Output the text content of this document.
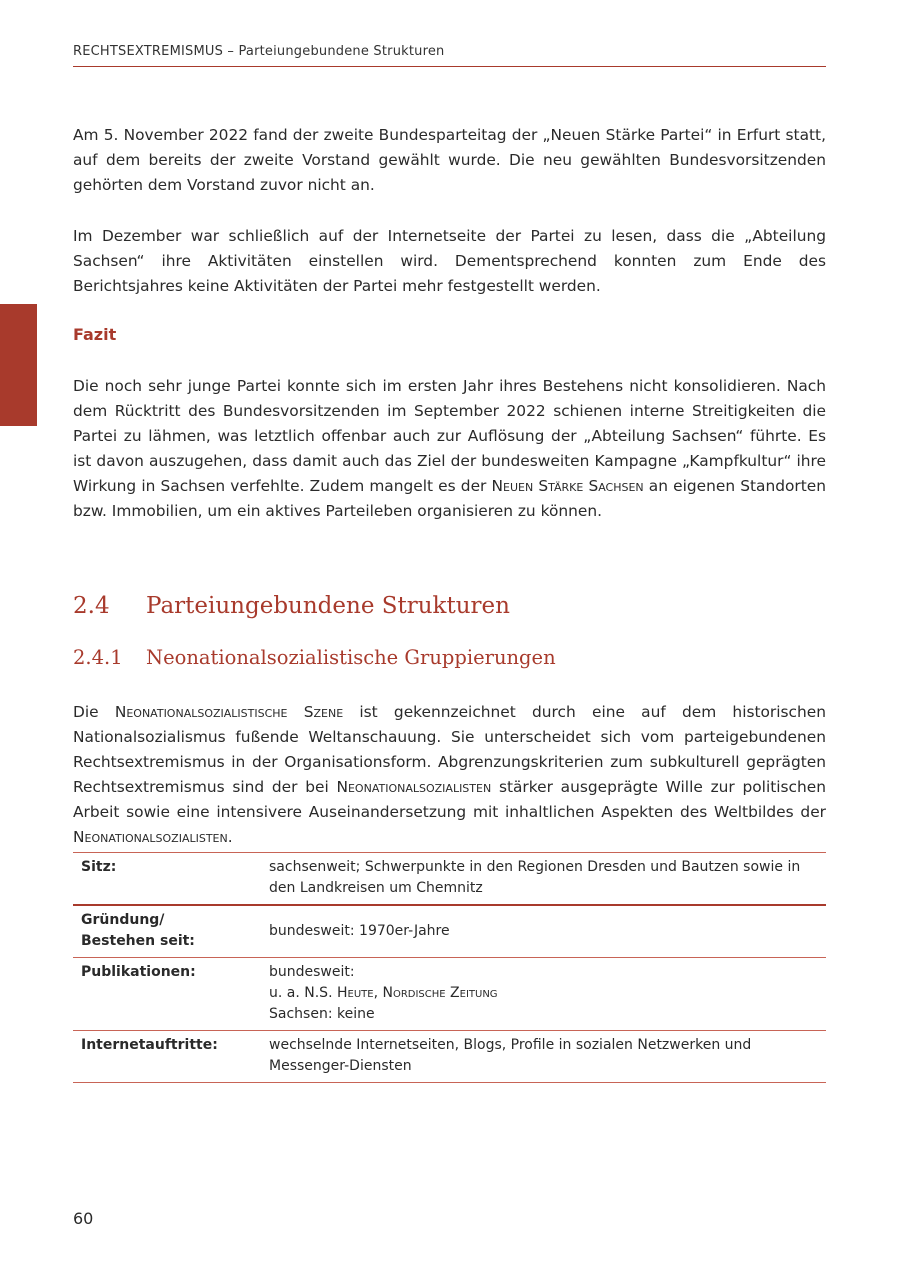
RECHTSEXTREMISMUS – Parteiungebundene Strukturen

Am 5. November 2022 fand der zweite Bundesparteitag der „Neuen Stärke Partei“ in Erfurt statt, auf dem bereits der zweite Vorstand gewählt wurde. Die neu gewählten Bundesvorsitzenden gehörten dem Vorstand zuvor nicht an.

Im Dezember war schließlich auf der Internetseite der Partei zu lesen, dass die „Abteilung Sachsen“ ihre Aktivitäten einstellen wird. Dementsprechend konnten zum Ende des Berichtsjahres keine Aktivitäten der Partei mehr festgestellt werden.

Fazit

Die noch sehr junge Partei konnte sich im ersten Jahr ihres Bestehens nicht konsolidieren. Nach dem Rücktritt des Bundesvorsitzenden im September 2022 schienen interne Streitigkeiten die Partei zu lähmen, was letztlich offenbar auch zur Auflösung der „Abteilung Sachsen“ führte. Es ist davon auszugehen, dass damit auch das Ziel der bundesweiten Kampagne „Kampfkultur“ ihre Wirkung in Sachsen verfehlte. Zudem mangelt es der Neuen Stärke Sachsen an eigenen Standorten bzw. Immobilien, um ein aktives Parteileben organisieren zu können.

2.4 Parteiungebundene Strukturen
2.4.1 Neonationalsozialistische Gruppierungen

Die Neonationalsozialistische Szene ist gekennzeichnet durch eine auf dem historischen Nationalsozialismus fußende Weltanschauung. Sie unterscheidet sich vom parteigebundenen Rechtsextremismus in der Organisationsform. Abgrenzungskriterien zum subkulturell geprägten Rechtsextremismus sind der bei Neonationalsozialisten stärker ausgeprägte Wille zur politischen Arbeit sowie eine intensivere Auseinandersetzung mit inhaltlichen Aspekten des Weltbildes der Neonationalsozialisten.

Sitz:	sachsenweit; Schwerpunkte in den Regionen Dresden und Bautzen sowie in den Landkreisen um Chemnitz

Gründung/
Bestehen seit:	bundesweit: 1970er-Jahre
Publikationen:	bundesweit:
u. a. N.S. Heute, Nordische Zeitung
Sachsen: keine

Internetauftritte:	wechselnde Internetseiten, Blogs, Profile in sozialen Netzwerken und Messenger-Diensten
60
